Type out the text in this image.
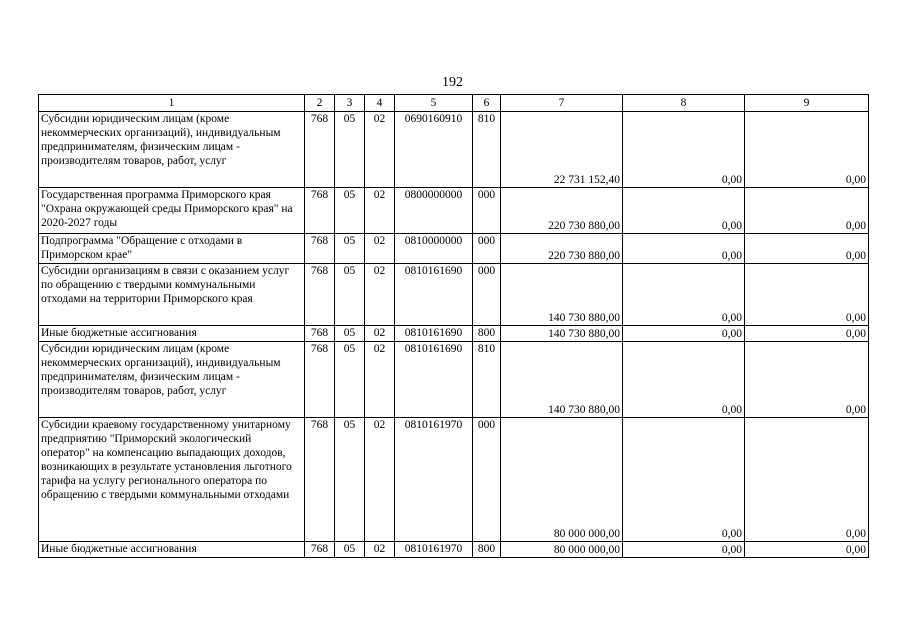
192
1	2	3	4	5	6	7	8	9
Субсидии юридическим лицам (кроме некоммерческих организаций), индивидуальным предпринимателям, физическим лицам - производителям товаров, работ, услуг	768	05	02	0690160910	810	22 731 152,40	0,00	0,00
Государственная программа Приморского края "Охрана окружающей среды Приморского края" на 2020-2027 годы	768	05	02	0800000000	000	220 730 880,00	0,00	0,00
Подпрограмма "Обращение с отходами в Приморском крае"	768	05	02	0810000000	000	220 730 880,00	0,00	0,00
Субсидии организациям в связи с оказанием услуг по обращению с твердыми коммунальными отходами на территории Приморского края	768	05	02	0810161690	000	140 730 880,00	0,00	0,00
Иные бюджетные ассигнования	768	05	02	0810161690	800	140 730 880,00	0,00	0,00
Субсидии юридическим лицам (кроме некоммерческих организаций), индивидуальным предпринимателям, физическим лицам - производителям товаров, работ, услуг	768	05	02	0810161690	810	140 730 880,00	0,00	0,00
Субсидии краевому государственному унитарному предприятию "Приморский экологический оператор" на компенсацию выпадающих доходов, возникающих в результате установления льготного тарифа на услугу регионального оператора по обращению с твердыми коммунальными отходами	768	05	02	0810161970	000	80 000 000,00	0,00	0,00
Иные бюджетные ассигнования	768	05	02	0810161970	800	80 000 000,00	0,00	0,00
